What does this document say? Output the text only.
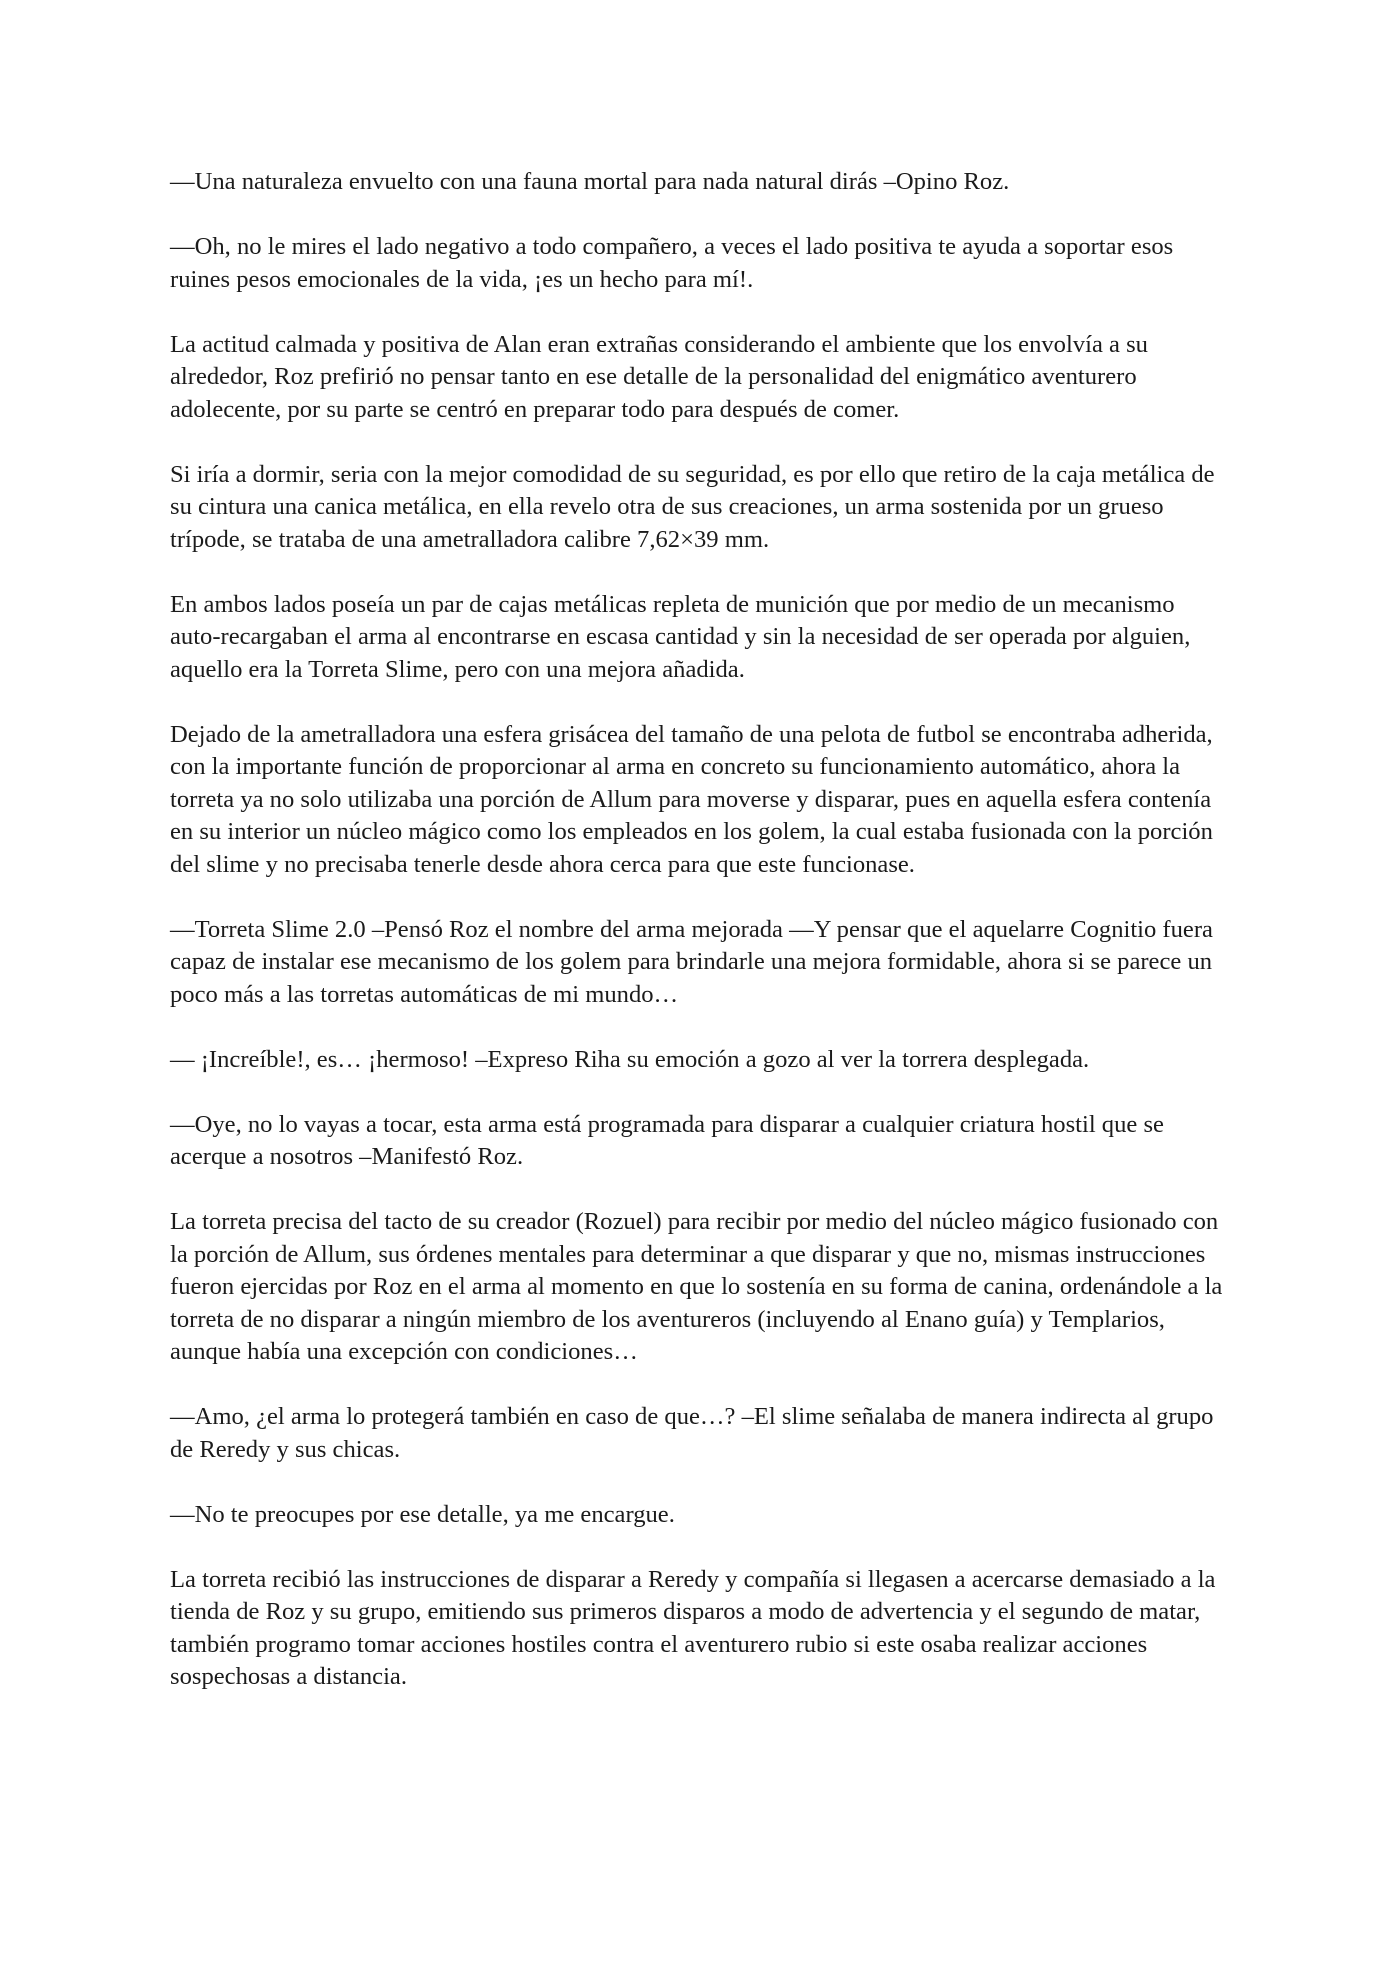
—Una naturaleza envuelto con una fauna mortal para nada natural dirás –Opino Roz.

—Oh, no le mires el lado negativo a todo compañero, a veces el lado positiva te ayuda a soportar esos ruines pesos emocionales de la vida, ¡es un hecho para mí!.

La actitud calmada y positiva de Alan eran extrañas considerando el ambiente que los envolvía a su alrededor, Roz prefirió no pensar tanto en ese detalle de la personalidad del enigmático aventurero adolecente, por su parte se centró en preparar todo para después de comer.

Si iría a dormir, seria con la mejor comodidad de su seguridad, es por ello que retiro de la caja metálica de su cintura una canica metálica, en ella revelo otra de sus creaciones, un arma sostenida por un grueso trípode, se trataba de una ametralladora calibre 7,62×39 mm.

En ambos lados poseía un par de cajas metálicas repleta de munición que por medio de un mecanismo auto-recargaban el arma al encontrarse en escasa cantidad y sin la necesidad de ser operada por alguien, aquello era la Torreta Slime, pero con una mejora añadida.

Dejado de la ametralladora una esfera grisácea del tamaño de una pelota de futbol se encontraba adherida, con la importante función de proporcionar al arma en concreto su funcionamiento automático, ahora la torreta ya no solo utilizaba una porción de Allum para moverse y disparar, pues en aquella esfera contenía en su interior un núcleo mágico como los empleados en los golem, la cual estaba fusionada con la porción del slime y no precisaba tenerle desde ahora cerca para que este funcionase.

—Torreta Slime 2.0 –Pensó Roz el nombre del arma mejorada —Y pensar que el aquelarre Cognitio fuera capaz de instalar ese mecanismo de los golem para brindarle una mejora formidable, ahora si se parece un poco más a las torretas automáticas de mi mundo…

— ¡Increíble!, es… ¡hermoso! –Expreso Riha su emoción a gozo al ver la torrera desplegada.

—Oye, no lo vayas a tocar, esta arma está programada para disparar a cualquier criatura hostil que se acerque a nosotros –Manifestó Roz.

La torreta precisa del tacto de su creador (Rozuel) para recibir por medio del núcleo mágico fusionado con la porción de Allum, sus órdenes mentales para determinar a que disparar y que no, mismas instrucciones fueron ejercidas por Roz en el arma al momento en que lo sostenía en su forma de canina, ordenándole a la torreta de no disparar a ningún miembro de los aventureros (incluyendo al Enano guía) y Templarios, aunque había una excepción con condiciones…

—Amo, ¿el arma lo protegerá también en caso de que…? –El slime señalaba de manera indirecta al grupo de Reredy y sus chicas.

—No te preocupes por ese detalle, ya me encargue.

La torreta recibió las instrucciones de disparar a Reredy y compañía si llegasen a acercarse demasiado a la tienda de Roz y su grupo, emitiendo sus primeros disparos a modo de advertencia y el segundo de matar, también programo tomar acciones hostiles contra el aventurero rubio si este osaba realizar acciones sospechosas a distancia.
